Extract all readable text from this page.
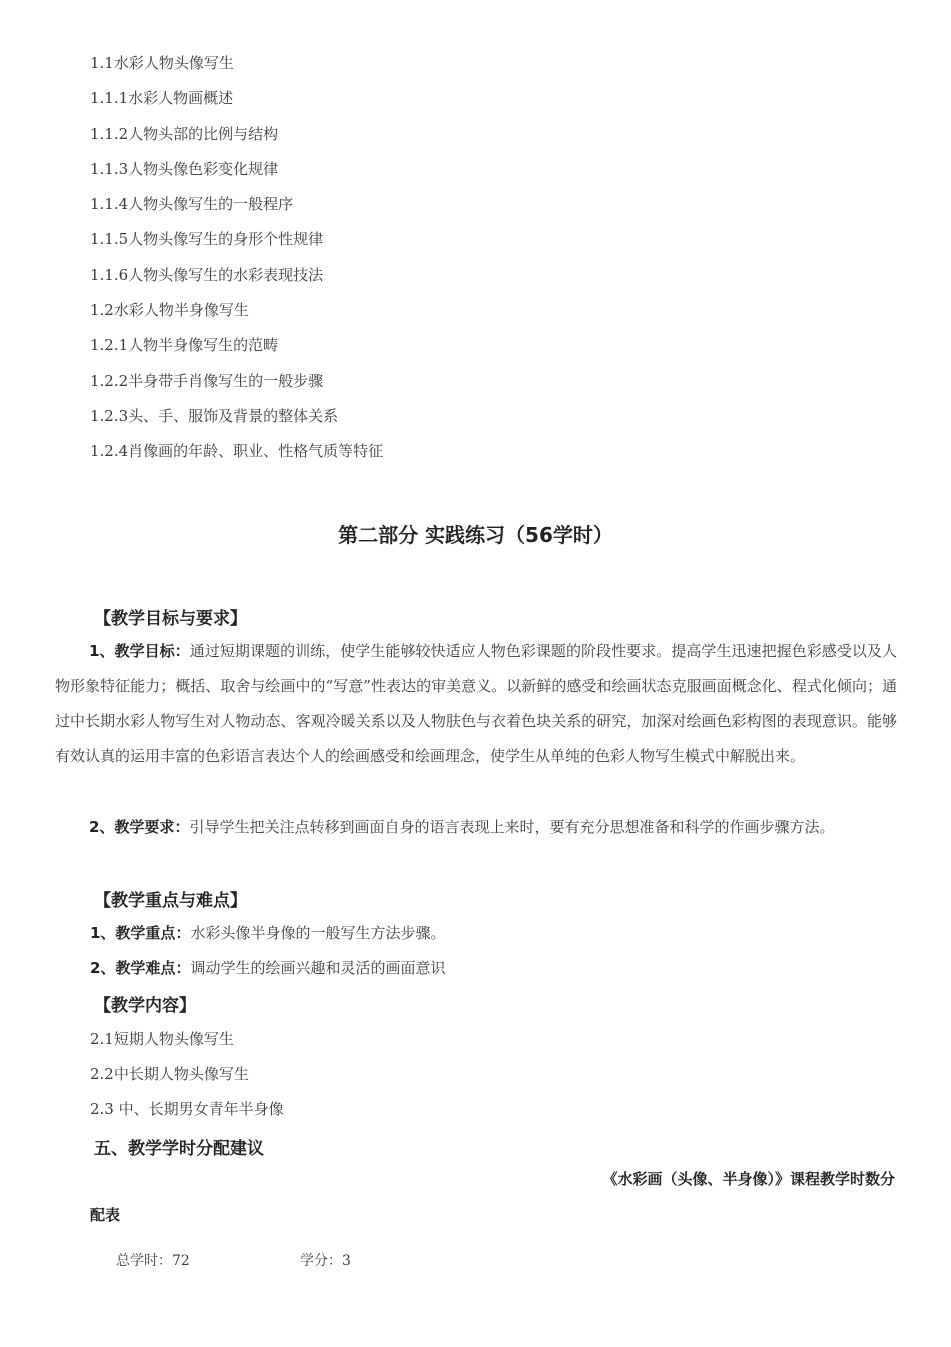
1.1水彩人物头像写生
1.1.1水彩人物画概述
1.1.2人物头部的比例与结构
1.1.3人物头像色彩变化规律
1.1.4人物头像写生的一般程序
1.1.5人物头像写生的身形个性规律
1.1.6人物头像写生的水彩表现技法
1.2水彩人物半身像写生
1.2.1人物半身像写生的范畴
1.2.2半身带手肖像写生的一般步骤
1.2.3头、手、服饰及背景的整体关系
1.2.4肖像画的年龄、职业、性格气质等特征
第二部分 实践练习（56学时）
【教学目标与要求】

1、教学目标：通过短期课题的训练，使学生能够较快适应人物色彩课题的阶段性要求。提高学生迅速把握色彩感受以及人物形象特征能力；概括、取舍与绘画中的“写意”性表达的审美意义。以新鲜的感受和绘画状态克服画面概念化、程式化倾向；通过中长期水彩人物写生对人物动态、客观冷暖关系以及人物肤色与衣着色块关系的研究，加深对绘画色彩构图的表现意识。能够有效认真的运用丰富的色彩语言表达个人的绘画感受和绘画理念，使学生从单纯的色彩人物写生模式中解脱出来。

2、教学要求：引导学生把关注点转移到画面自身的语言表现上来时，要有充分思想准备和科学的作画步骤方法。

【教学重点与难点】

1、教学重点：水彩头像半身像的一般写生方法步骤。

2、教学难点：调动学生的绘画兴趣和灵活的画面意识

【教学内容】

2.1短期人物头像写生

2.2中长期人物头像写生

2.3 中、长期男女青年半身像

五、教学学时分配建议

《水彩画（头像、半身像）》课程教学时数分

配表

总学时：72	学分：3
